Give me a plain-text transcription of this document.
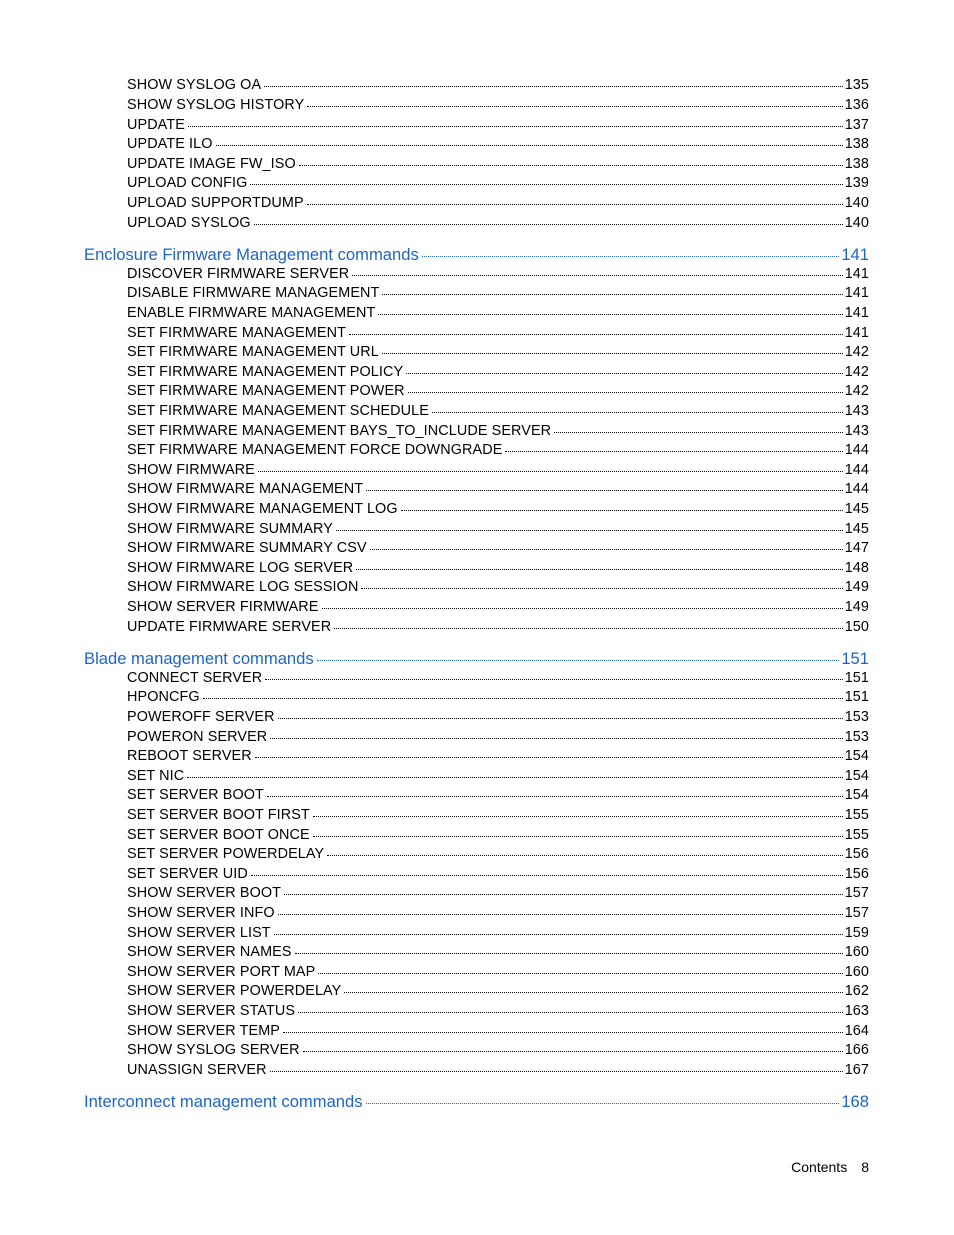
SHOW SYSLOG OA	135
SHOW SYSLOG HISTORY	136
UPDATE	137
UPDATE ILO	138
UPDATE IMAGE FW_ISO	138
UPLOAD CONFIG	139
UPLOAD SUPPORTDUMP	140
UPLOAD SYSLOG	140
Enclosure Firmware Management commands	141
DISCOVER FIRMWARE SERVER	141
DISABLE FIRMWARE MANAGEMENT	141
ENABLE FIRMWARE MANAGEMENT	141
SET FIRMWARE MANAGEMENT	141
SET FIRMWARE MANAGEMENT URL	142
SET FIRMWARE MANAGEMENT POLICY	142
SET FIRMWARE MANAGEMENT POWER	142
SET FIRMWARE MANAGEMENT SCHEDULE	143
SET FIRMWARE MANAGEMENT BAYS_TO_INCLUDE SERVER	143
SET FIRMWARE MANAGEMENT FORCE DOWNGRADE	144
SHOW FIRMWARE	144
SHOW FIRMWARE MANAGEMENT	144
SHOW FIRMWARE MANAGEMENT LOG	145
SHOW FIRMWARE SUMMARY	145
SHOW FIRMWARE SUMMARY CSV	147
SHOW FIRMWARE LOG SERVER	148
SHOW FIRMWARE LOG SESSION	149
SHOW SERVER FIRMWARE	149
UPDATE FIRMWARE SERVER	150
Blade management commands	151
CONNECT SERVER	151
HPONCFG	151
POWEROFF SERVER	153
POWERON SERVER	153
REBOOT SERVER	154
SET NIC	154
SET SERVER BOOT	154
SET SERVER BOOT FIRST	155
SET SERVER BOOT ONCE	155
SET SERVER POWERDELAY	156
SET SERVER UID	156
SHOW SERVER BOOT	157
SHOW SERVER INFO	157
SHOW SERVER LIST	159
SHOW SERVER NAMES	160
SHOW SERVER PORT MAP	160
SHOW SERVER POWERDELAY	162
SHOW SERVER STATUS	163
SHOW SERVER TEMP	164
SHOW SYSLOG SERVER	166
UNASSIGN SERVER	167
Interconnect management commands	168
Contents 8
